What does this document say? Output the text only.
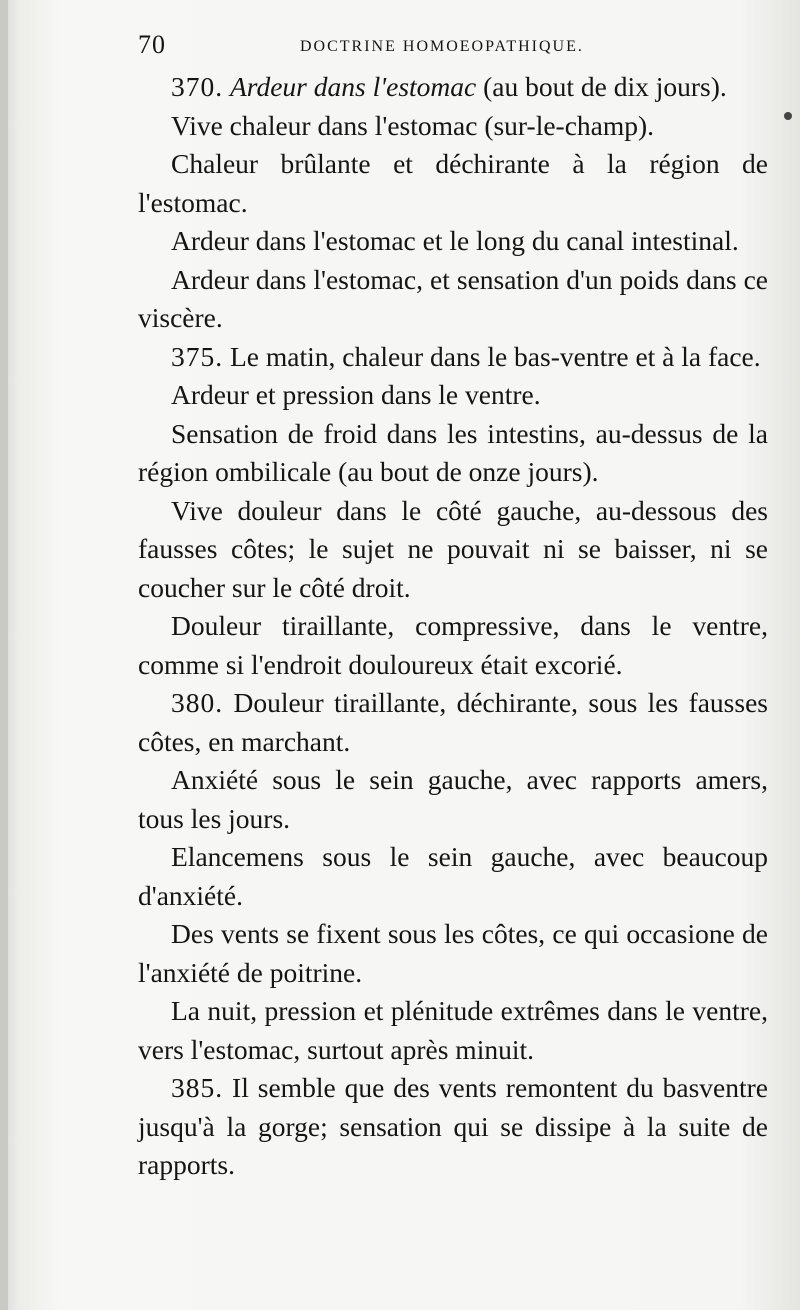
70	DOCTRINE HOMOEOPATHIQUE.

370. Ardeur dans l'estomac (au bout de dix jours).

Vive chaleur dans l'estomac (sur-le-champ).

Chaleur brûlante et déchirante à la région de l'estomac.

Ardeur dans l'estomac et le long du canal intestinal.

Ardeur dans l'estomac, et sensation d'un poids dans ce viscère.

375. Le matin, chaleur dans le bas-ventre et à la face.

Ardeur et pression dans le ventre.

Sensation de froid dans les intestins, au-dessus de la région ombilicale (au bout de onze jours).

Vive douleur dans le côté gauche, au-dessous des fausses côtes; le sujet ne pouvait ni se baisser, ni se coucher sur le côté droit.

Douleur tiraillante, compressive, dans le ventre, comme si l'endroit douloureux était excorié.

380. Douleur tiraillante, déchirante, sous les fausses côtes, en marchant.

Anxiété sous le sein gauche, avec rapports amers, tous les jours.

Elancemens sous le sein gauche, avec beaucoup d'anxiété.

Des vents se fixent sous les côtes, ce qui occasione de l'anxiété de poitrine.

La nuit, pression et plénitude extrêmes dans le ventre, vers l'estomac, surtout après minuit.

385. Il semble que des vents remontent du basventre jusqu'à la gorge; sensation qui se dissipe à la suite de rapports.
